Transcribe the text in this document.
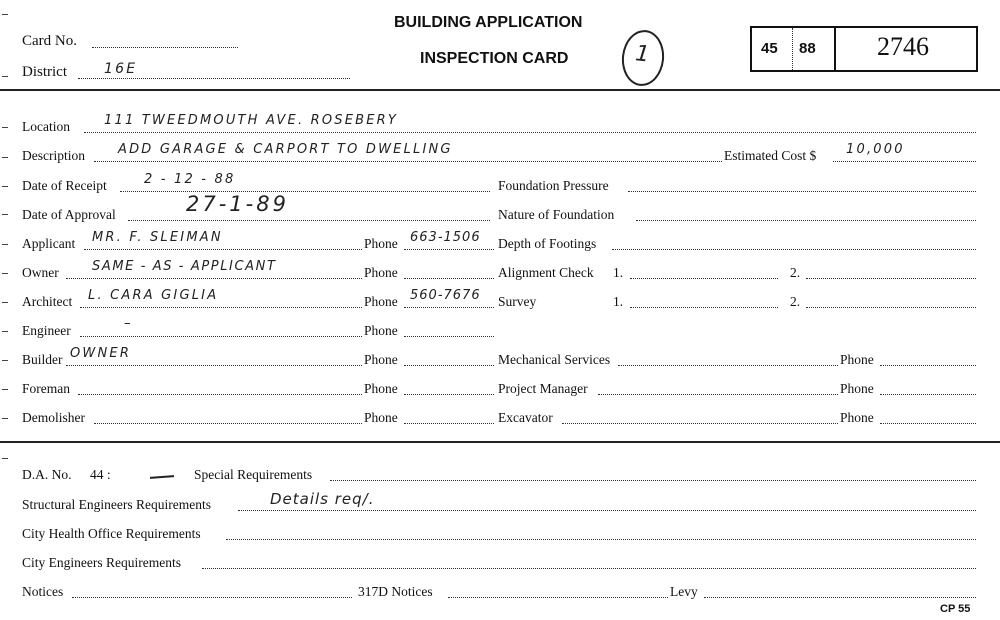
Card No.
District	16E
BUILDING APPLICATION
INSPECTION CARD	1	45 88 2746
Location	111 TWEEDMOUTH AVE. ROSEBERY
Description	ADD GARAGE & CARPORT TO DWELLING	Estimated Cost $ 10,000
Date of Receipt	2 - 12 - 88	Foundation Pressure
Date of Approval	27-1-89	Nature of Foundation
Applicant MR. F. SLEIMAN	Phone 663-1506 Depth of Footings
Owner	SAME - AS - APPLICANT	Phone	Alignment Check 1.	2.
Architect L. CARA GIGLIA	Phone 560-7676 Survey	1.	2.
Engineer	–	Phone
Builder OWNER	Phone	Mechanical Services	Phone
Foreman	Phone	Project Manager	Phone
Demolisher	Phone	Excavator	Phone
D.A. No. 44 :	Special Requirements
Structural Engineers Requirements	Details req/.
City Health Office Requirements
City Engineers Requirements
Notices	317D Notices	Levy
CP 55
